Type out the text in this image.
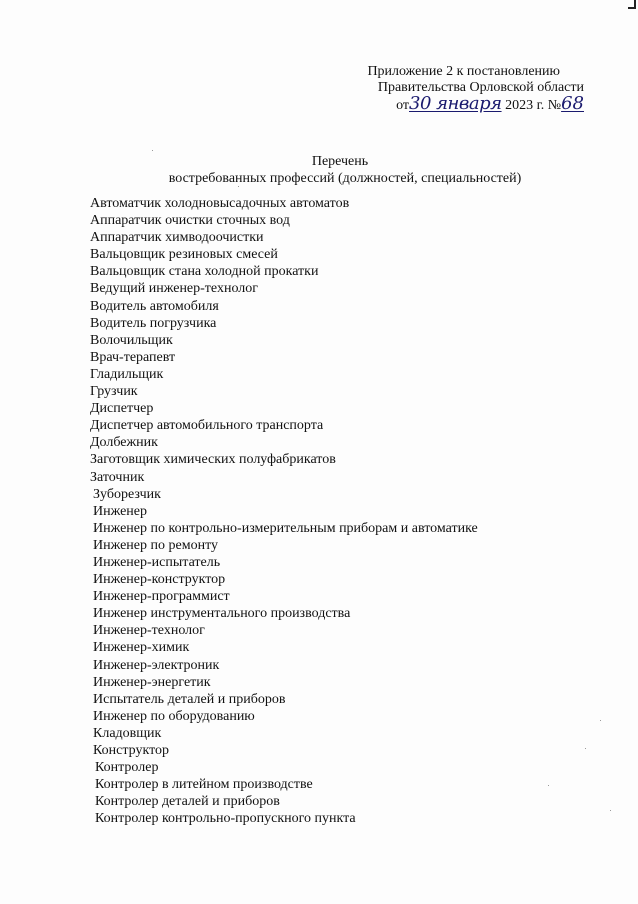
Приложение 2 к постановлению
Правительства Орловской области
от30 января 2023 г. №68
Перечень
востребованных профессий (должностей, специальностей)
Автоматчик холодновысадочных автоматов
Аппаратчик очистки сточных вод
Аппаратчик химводоочистки
Вальцовщик резиновых смесей
Вальцовщик стана холодной прокатки
Ведущий инженер-технолог
Водитель автомобиля
Водитель погрузчика
Волочильщик
Врач-терапевт
Гладильщик
Грузчик
Диспетчер
Диспетчер автомобильного транспорта
Долбежник
Заготовщик химических полуфабрикатов
Заточник
Зуборезчик
Инженер
Инженер по контрольно-измерительным приборам и автоматике
Инженер по ремонту
Инженер-испытатель
Инженер-конструктор
Инженер-программист
Инженер инструментального производства
Инженер-технолог
Инженер-химик
Инженер-электроник
Инженер-энергетик
Испытатель деталей и приборов
Инженер по оборудованию
Кладовщик
Конструктор
Контролер
Контролер в литейном производстве
Контролер деталей и приборов
Контролер контрольно-пропускного пункта
